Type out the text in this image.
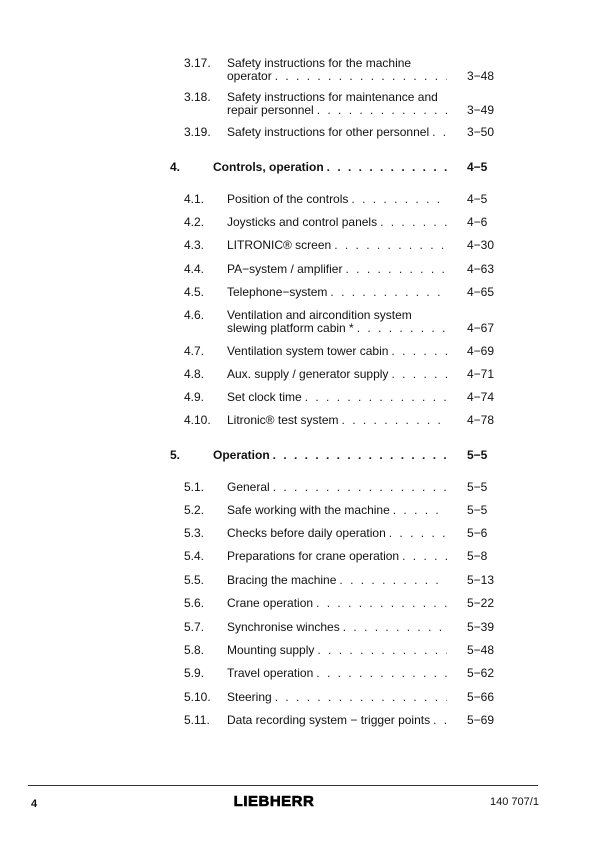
3.17. Safety instructions for the machine
operator . . .	3−48
3.18. Safety instructions for maintenance and
repair personnel . . .	3−49
3.19. Safety instructions for other personnel . . .	3−50
4.	Controls, operation . . .	4−5
4.1. Position of the controls . . .	4−5
4.2. Joysticks and control panels . . .	4−6
4.3. LITRONIC® screen . . .	4−30
4.4. PA−system / amplifier . . .	4−63
4.5. Telephone−system . . .	4−65
4.6. Ventilation and aircondition system
slewing platform cabin * . . .	4−67
4.7. Ventilation system tower cabin . . .	4−69
4.8. Aux. supply / generator supply . . .	4−71
4.9. Set clock time . . .	4−74
4.10. Litronic® test system . . .	4−78
5.	Operation . . .	5−5
5.1. General . . .	5−5
5.2. Safe working with the machine . . .	5−5
5.3. Checks before daily operation . . .	5−6
5.4. Preparations for crane operation . . .	5−8
5.5. Bracing the machine . . .	5−13
5.6. Crane operation . . .	5−22
5.7. Synchronise winches . . .	5−39
5.8. Mounting supply . . .	5−48
5.9. Travel operation . . .	5−62
5.10. Steering . . .	5−66
5.11. Data recording system − trigger points . . .	5−69
4	LIEBHERR	140 707/1
